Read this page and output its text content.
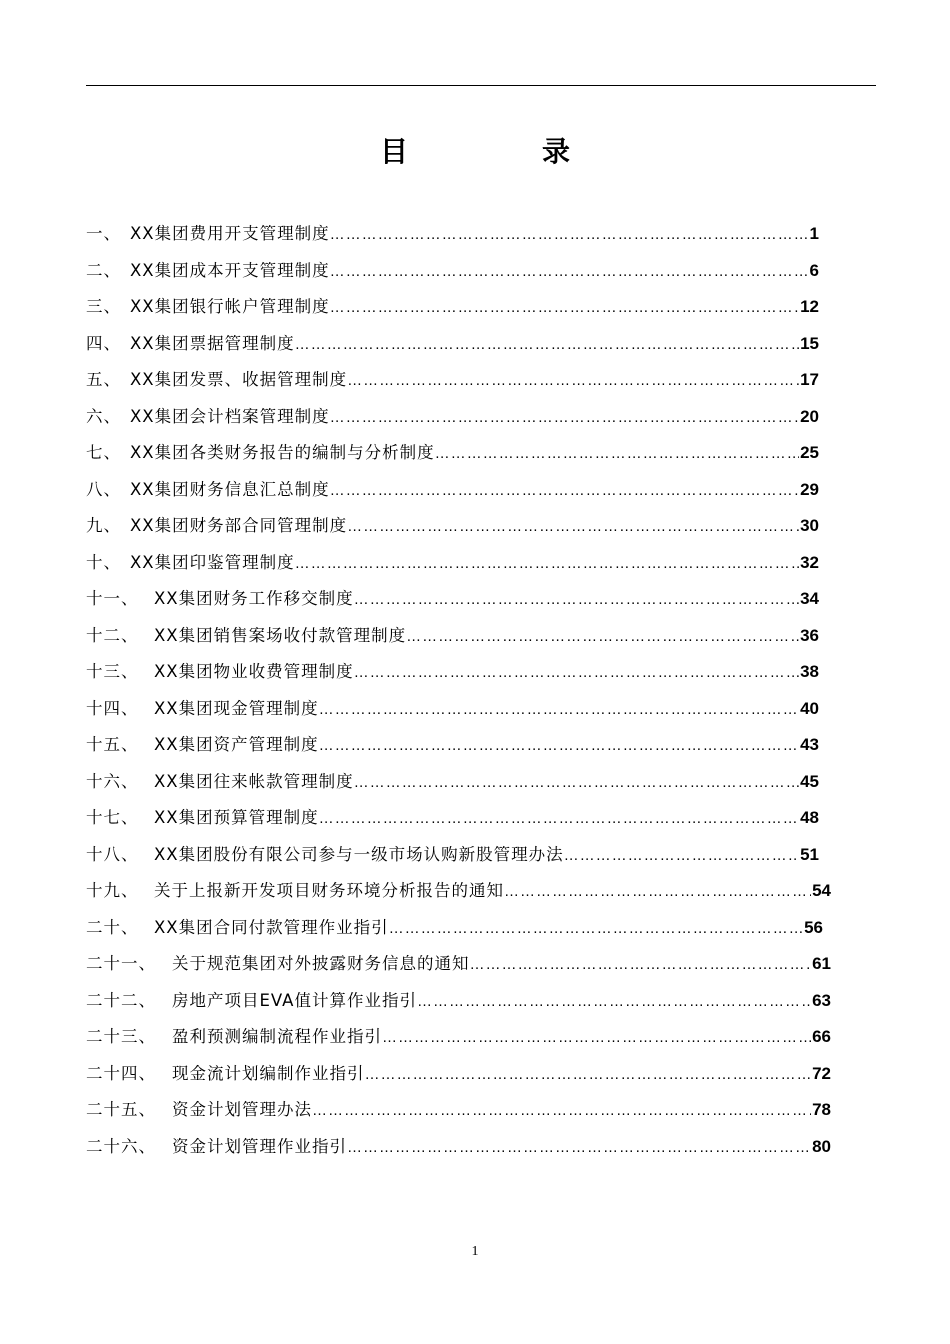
目	录
一、 XX集团费用开支管理制度 …………………………………………………………………………………………………………………………………………………………	1
二、 XX集团成本开支管理制度 …………………………………………………………………………………………………………………………………………………………	6
三、 XX集团银行帐户管理制度 …………………………………………………………………………………………………………………………………………………………	12
四、 XX集团票据管理制度 …………………………………………………………………………………………………………………………………………………………	15
五、 XX集团发票、收据管理制度 …………………………………………………………………………………………………………………………………………………………	17
六、 XX集团会计档案管理制度 …………………………………………………………………………………………………………………………………………………………	20
七、 XX集团各类财务报告的编制与分析制度 …………………………………………………………………………………………………………………………………………………………	25
八、 XX集团财务信息汇总制度 …………………………………………………………………………………………………………………………………………………………	29
九、 XX集团财务部合同管理制度 …………………………………………………………………………………………………………………………………………………………	30
十、 XX集团印鉴管理制度 …………………………………………………………………………………………………………………………………………………………	32
十一、 XX集团财务工作移交制度 …………………………………………………………………………………………………………………………………………………………	34
十二、 XX集团销售案场收付款管理制度 …………………………………………………………………………………………………………………………………………………………	36
十三、 XX集团物业收费管理制度 …………………………………………………………………………………………………………………………………………………………	38
十四、 XX集团现金管理制度 …………………………………………………………………………………………………………………………………………………………	40
十五、 XX集团资产管理制度 …………………………………………………………………………………………………………………………………………………………	43
十六、 XX集团往来帐款管理制度 …………………………………………………………………………………………………………………………………………………………	45
十七、 XX集团预算管理制度 …………………………………………………………………………………………………………………………………………………………	48
十八、 XX集团股份有限公司参与一级市场认购新股管理办法 …………………………………………………………………………………………………………………………………………………………	51
十九、 关于上报新开发项目财务环境分析报告的通知 …………………………………………………………………………………………………………………………………………………………	54
二十、 XX集团合同付款管理作业指引 …………………………………………………………………………………………………………………………………………………………	56
二十一、 关于规范集团对外披露财务信息的通知 …………………………………………………………………………………………………………………………………………………………	61
二十二、 房地产项目EVA值计算作业指引 …………………………………………………………………………………………………………………………………………………………	63
二十三、 盈利预测编制流程作业指引 …………………………………………………………………………………………………………………………………………………………	66
二十四、 现金流计划编制作业指引 …………………………………………………………………………………………………………………………………………………………	72
二十五、 资金计划管理办法 …………………………………………………………………………………………………………………………………………………………	78
二十六、 资金计划管理作业指引 …………………………………………………………………………………………………………………………………………………………	80
1
